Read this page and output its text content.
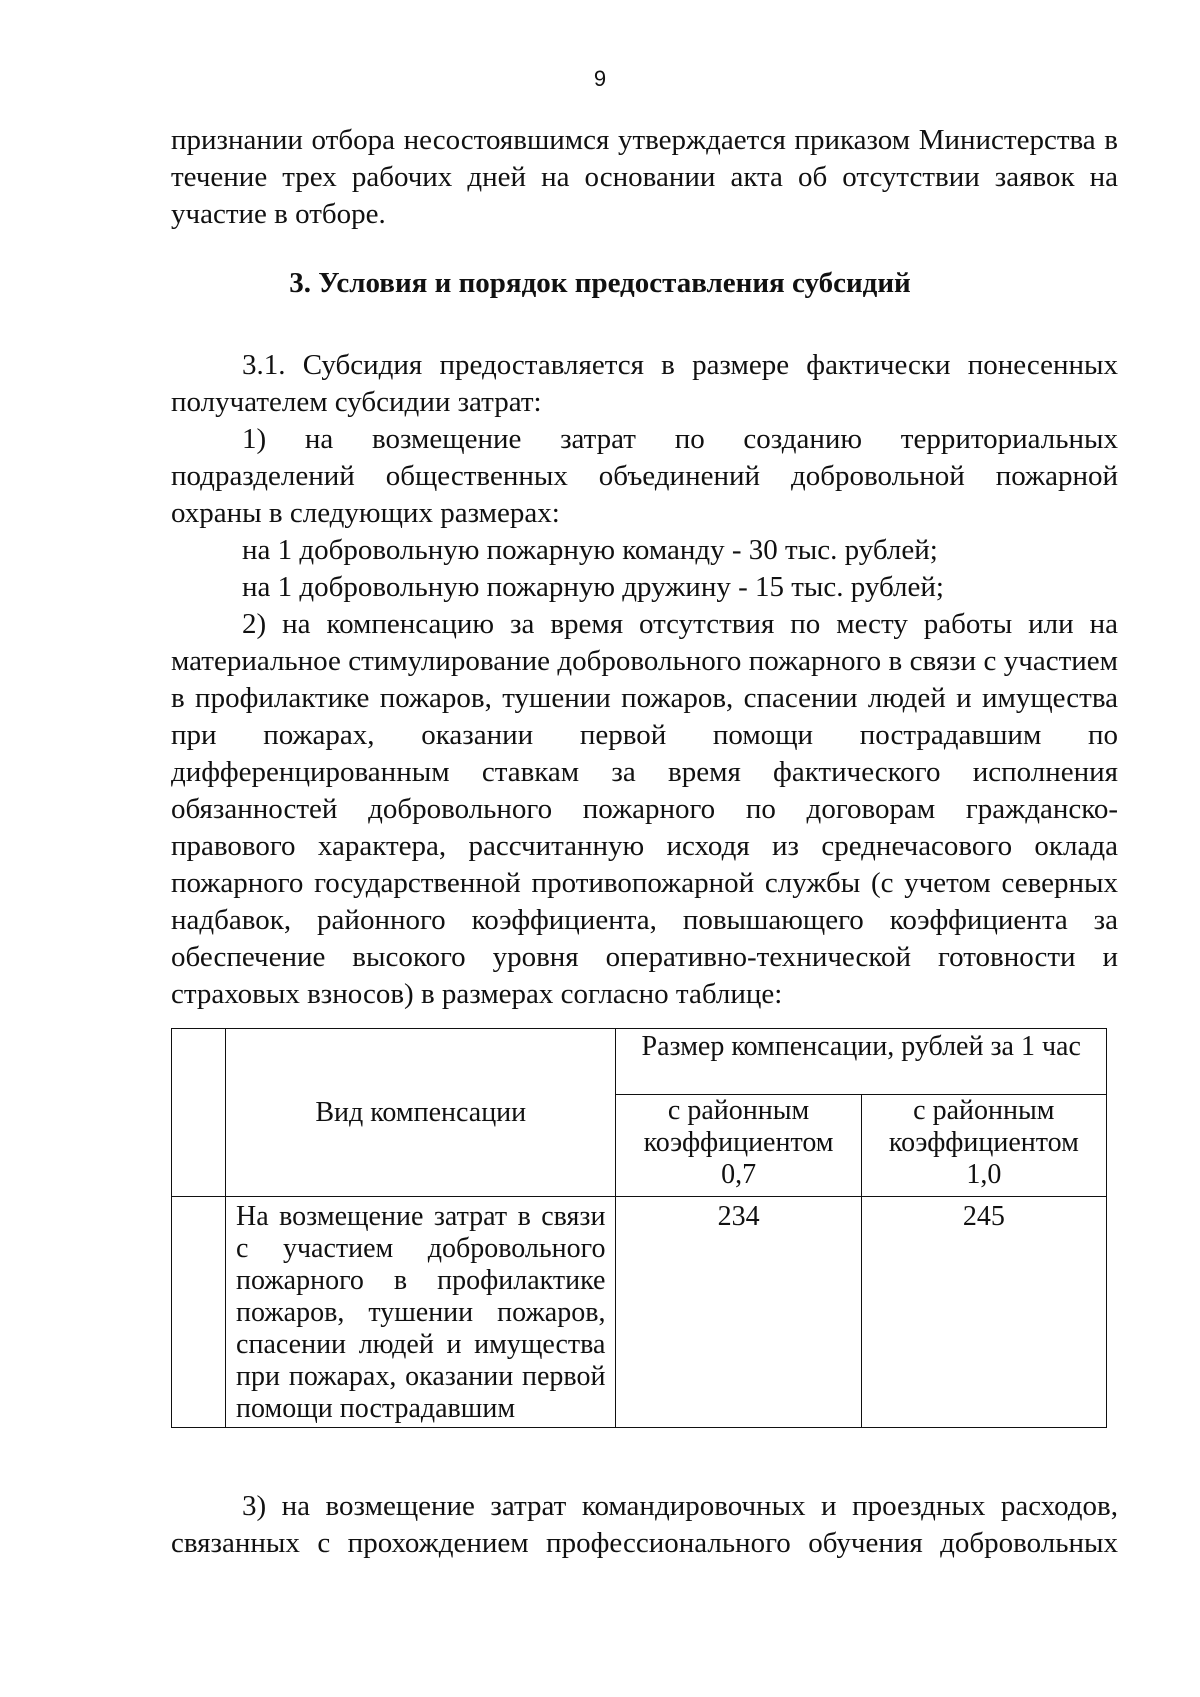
9

признании отбора несостоявшимся утверждается приказом Министерства в течение трех рабочих дней на основании акта об отсутствии заявок на участие в отборе.

3. Условия и порядок предоставления субсидий

3.1. Субсидия предоставляется в размере фактически понесенных получателем субсидии затрат:

1) на возмещение затрат по созданию территориальных подразделений общественных объединений добровольной пожарной охраны в следующих размерах:

на 1 добровольную пожарную команду - 30 тыс. рублей;

на 1 добровольную пожарную дружину - 15 тыс. рублей;

2) на компенсацию за время отсутствия по месту работы или на материальное стимулирование добровольного пожарного в связи с участием в профилактике пожаров, тушении пожаров, спасении людей и имущества при пожарах, оказании первой помощи пострадавшим по дифференцированным ставкам за время фактического исполнения обязанностей добровольного пожарного по договорам гражданско-правового характера, рассчитанную исходя из среднечасового оклада пожарного государственной противопожарной службы (с учетом северных надбавок, районного коэффициента, повышающего коэффициента за обеспечение высокого уровня оперативно-технической готовности и страховых взносов) в размерах согласно таблице:

	Вид компенсации	Размер компенсации, рублей за 1 час	
		с районным коэффициентом 0,7	с районным коэффициентом 1,0
	На возмещение затрат в связи с участием добровольного пожарного в профилактике пожаров, тушении пожаров, спасении людей и имущества при пожарах, оказании первой помощи пострадавшим	234	245

3) на возмещение затрат командировочных и проездных расходов, связанных с прохождением профессионального обучения добровольных
